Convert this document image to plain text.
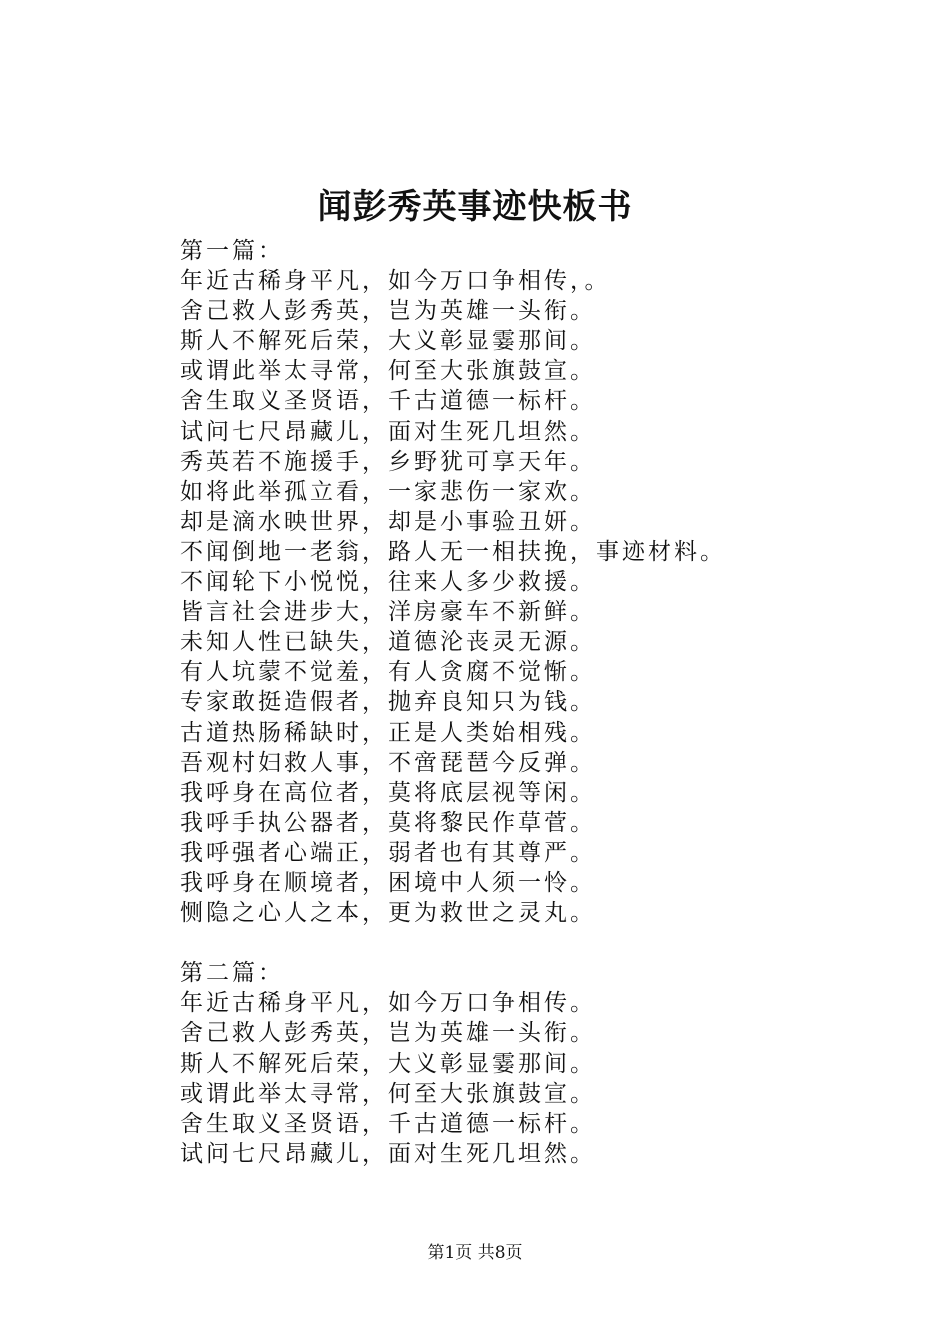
闻彭秀英事迹快板书
第一篇：
年近古稀身平凡，如今万口争相传，。
舍己救人彭秀英，岂为英雄一头衔。
斯人不解死后荣，大义彰显霎那间。
或谓此举太寻常，何至大张旗鼓宣。
舍生取义圣贤语，千古道德一标杆。
试问七尺昂藏儿，面对生死几坦然。
秀英若不施援手，乡野犹可享天年。
如将此举孤立看，一家悲伤一家欢。
却是滴水映世界，却是小事验丑妍。
不闻倒地一老翁，路人无一相扶挽，事迹材料。
不闻轮下小悦悦，往来人多少救援。
皆言社会进步大，洋房豪车不新鲜。
未知人性已缺失，道德沦丧灵无源。
有人坑蒙不觉羞，有人贪腐不觉惭。
专家敢挺造假者，抛弃良知只为钱。
古道热肠稀缺时，正是人类始相残。
吾观村妇救人事，不啻琵琶今反弹。
我呼身在高位者，莫将底层视等闲。
我呼手执公器者，莫将黎民作草菅。
我呼强者心端正，弱者也有其尊严。
我呼身在顺境者，困境中人须一怜。
恻隐之心人之本，更为救世之灵丸。
第二篇：
年近古稀身平凡，如今万口争相传。
舍己救人彭秀英，岂为英雄一头衔。
斯人不解死后荣，大义彰显霎那间。
或谓此举太寻常，何至大张旗鼓宣。
舍生取义圣贤语，千古道德一标杆。
试问七尺昂藏儿，面对生死几坦然。
第1页 共8页
